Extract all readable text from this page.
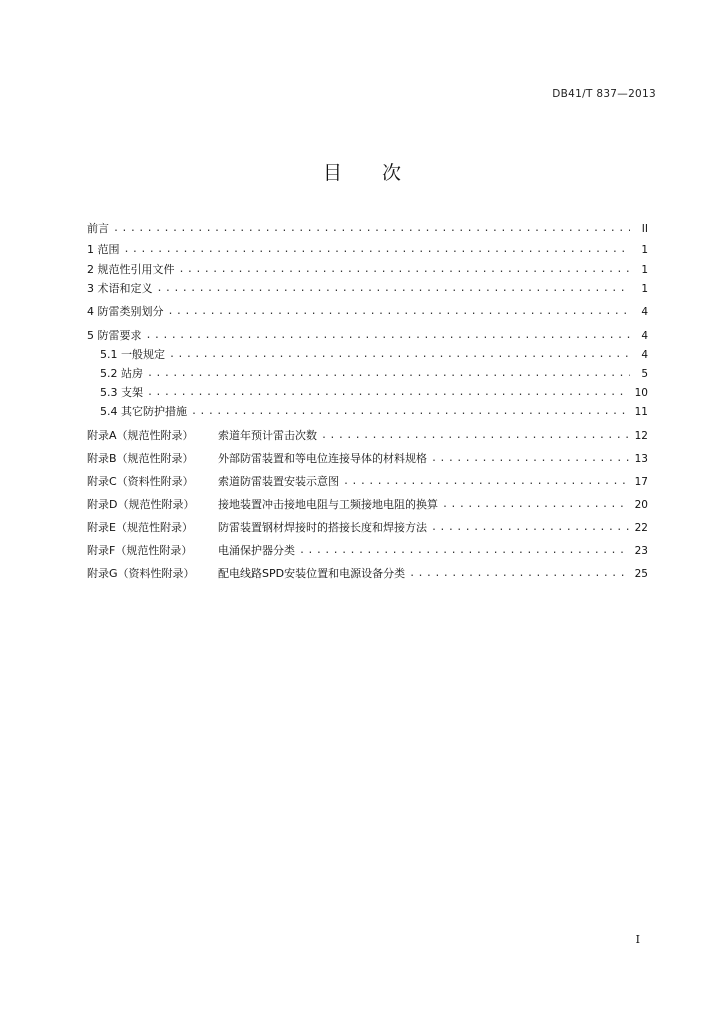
DB41/T 837—2013
目 次
前言 .....	II
1 范围 .....	1
2 规范性引用文件 .....	1
3 术语和定义 .....	1
4 防雷类别划分 .....	4
5 防雷要求 .....	4
5.1 一般规定 .....	4
5.2 站房 .....	5
5.3 支架 .....	10
5.4 其它防护措施 .....	11
附录A（规范性附录）	索道年预计雷击次数 .....	12
附录B（规范性附录）	外部防雷装置和等电位连接导体的材料规格 .....	13
附录C（资料性附录）	索道防雷装置安装示意图 .....	17
附录D（规范性附录）	接地装置冲击接地电阻与工频接地电阻的换算 .....	20
附录E（规范性附录）	防雷装置钢材焊接时的搭接长度和焊接方法 .....	22
附录F（规范性附录）	电涌保护器分类 .....	23
附录G（资料性附录）	配电线路SPD安装位置和电源设备分类 .....	25
I
